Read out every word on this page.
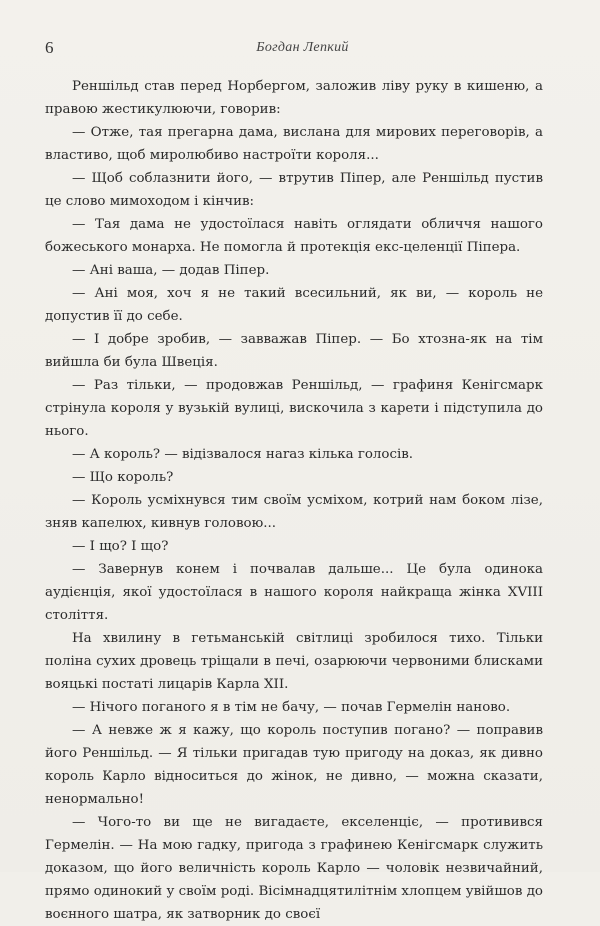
6	Богдан Лепкий

Реншільд став перед Норбергом, заложив ліву руку в кишеню, а правою жестикулюючи, говорив:

— Отже, тая прегарна дама, вислана для мирових переговорів, а властиво, щоб миролюбиво настроїти короля...

— Щоб соблазнити його, — втрутив Піпер, але Реншільд пустив це слово мимоходом і кінчив:

— Тая дама не удостоїлася навіть оглядати обличчя нашого божеського монарха. Не помогла й протекція екс-целенції Піпера.

— Ані ваша, — додав Піпер.

— Ані моя, хоч я не такий всесильний, як ви, — король не допустив її до себе.

— І добре зробив, — завважав Піпер. — Бо хтозна-як на тім вийшла би була Швеція.

— Раз тільки, — продовжав Реншільд, — графиня Кенігсмарк стрінула короля у вузькій вулиці, вискочила з карети і підступила до нього.

— А король? — відізвалося наraз кілька голосів.

— Що король?

— Король усміхнувся тим своїм усміхом, котрий нам боком лізе, зняв капелюх, кивнув головою...

— І що? І що?

— Завернув конем і почвалав дальше... Це була одинока аудієнція, якої удостоїлася в нашого короля найкраща жінка XVIII століття.

На хвилину в гетьманській світлиці зробилося тихо. Тільки поліна сухих дровець тріщали в печі, озарюючи червоними блисками вояцькі постаті лицарів Карла XII.

— Нічого поганого я в тім не бачу, — почав Гермелін наново.

— А невже ж я кажу, що король поступив погано? — поправив його Реншільд. — Я тільки пригадав тую пригоду на доказ, як дивно король Карло відноситься до жінок, не дивно, — можна сказати, ненормально!

— Чого-то ви ще не вигадаєте, екселенціє, — противився Гермелін. — На мою гадку, пригода з графинею Кенігсмарк служить доказом, що його величність король Карло — чоловік незвичайний, прямо одинокий у своїм роді. Вісімнадцятилітнім хлопцем увійшов до воєнного шатра, як затворник до своєї
